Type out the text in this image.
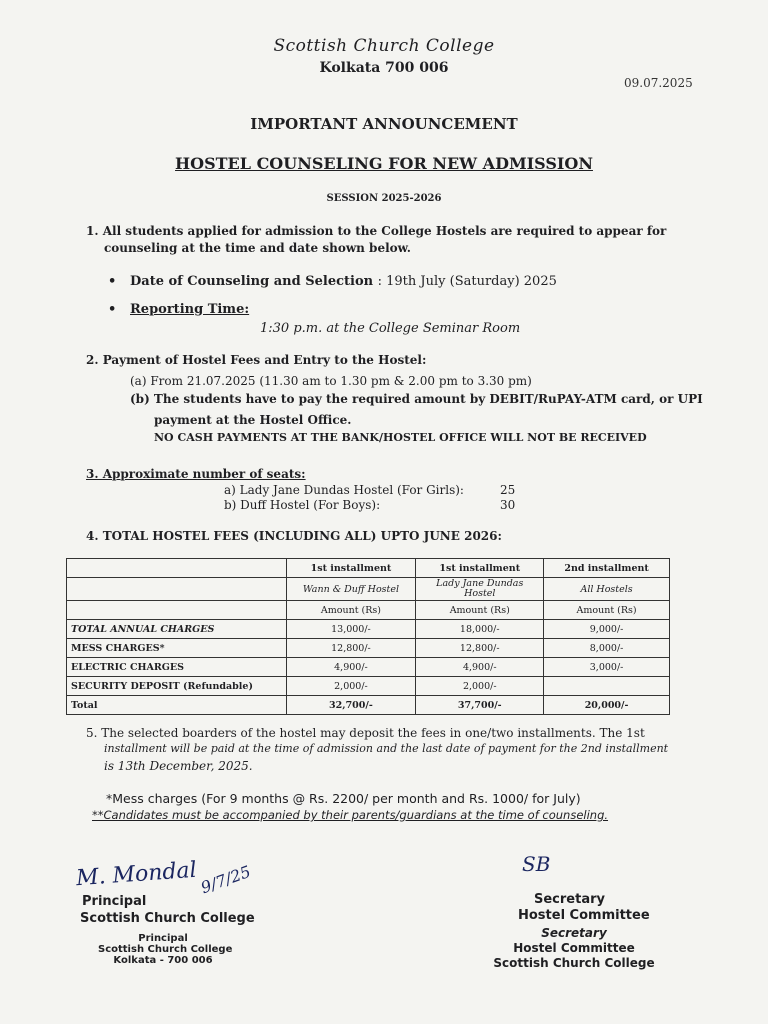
Scottish Church College
Kolkata 700 006
09.07.2025
IMPORTANT ANNOUNCEMENT
HOSTEL COUNSELING FOR NEW ADMISSION
SESSION 2025-2026
1. All students applied for admission to the College Hostels are required to appear for
counseling at the time and date shown below.
• Date of Counseling and Selection : 19th July (Saturday) 2025
• Reporting Time:
1:30 p.m. at the College Seminar Room
2. Payment of Hostel Fees and Entry to the Hostel:
(a) From 21.07.2025 (11.30 am to 1.30 pm & 2.00 pm to 3.30 pm)
(b) The students have to pay the required amount by DEBIT/RuPAY-ATM card, or UPI
payment at the Hostel Office.
NO CASH PAYMENTS AT THE BANK/HOSTEL OFFICE WILL NOT BE RECEIVED
3. Approximate number of seats:
a) Lady Jane Dundas Hostel (For Girls):	25
b) Duff Hostel (For Boys):	30
4. TOTAL HOSTEL FEES (INCLUDING ALL) UPTO JUNE 2026:
	1st installment	1st installment	2nd installment
	Wann & Duff Hostel	Lady Jane Dundas Hostel	All Hostels
	Amount (Rs)	Amount (Rs)	Amount (Rs)
TOTAL ANNUAL CHARGES	13,000/-	18,000/-	9,000/-
MESS CHARGES*	12,800/-	12,800/-	8,000/-
ELECTRIC CHARGES	4,900/-	4,900/-	3,000/-
SECURITY DEPOSIT (Refundable)	2,000/-	2,000/-	
Total	32,700/-	37,700/-	20,000/-
5. The selected boarders of the hostel may deposit the fees in one/two installments. The 1st
installment will be paid at the time of admission and the last date of payment for the 2nd installment
is 13th December, 2025.
*Mess charges (For 9 months @ Rs. 2200/ per month and Rs. 1000/ for July)
**Candidates must be accompanied by their parents/guardians at the time of counseling.
M. Mondal 9/7/25
Principal
Scottish Church College
Principal
Scottish Church College
Kolkata - 700 006
SB
Secretary
Hostel Committee
Secretary
Hostel Committee
Scottish Church College
